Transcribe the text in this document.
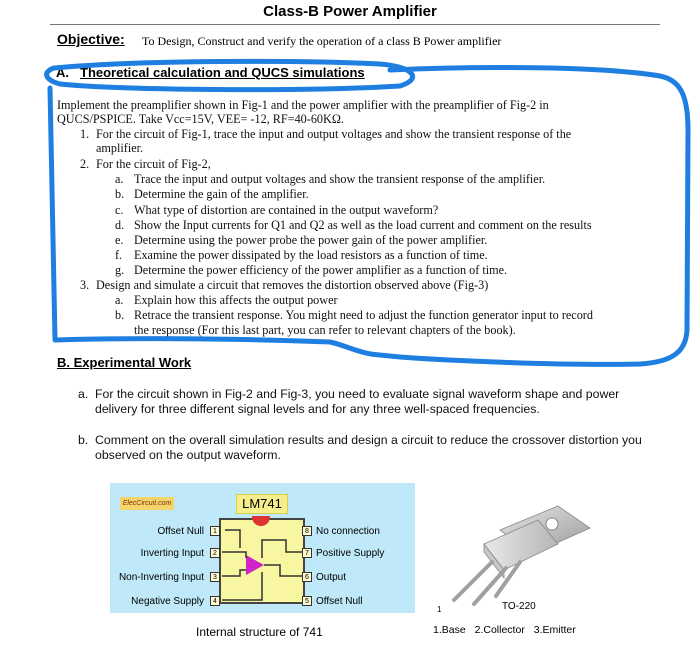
Class-B Power Amplifier
Objective: To Design, Construct and verify the operation of a class B Power amplifier
A. Theoretical calculation and QUCS simulations
Implement the preamplifier shown in Fig-1 and the power amplifier with the preamplifier of Fig-2 in
QUCS/PSPICE. Take Vcc=15V, VEE= -12, RF=40-60KΩ.
1. For the circuit of Fig-1, trace the input and output voltages and show the transient response of the
amplifier.
2. For the circuit of Fig-2,
a. Trace the input and output voltages and show the transient response of the amplifier.
b. Determine the gain of the amplifier.
c. What type of distortion are contained in the output waveform?
d. Show the Input currents for Q1 and Q2 as well as the load current and comment on the results
e. Determine using the power probe the power gain of the power amplifier.
f. Examine the power dissipated by the load resistors as a function of time.
g. Determine the power efficiency of the power amplifier as a function of time.
3. Design and simulate a circuit that removes the distortion observed above (Fig-3)
a. Explain how this affects the output power
b. Retrace the transient response. You might need to adjust the function generator input to record
the response (For this last part, you can refer to relevant chapters of the book).
B. Experimental Work
a. For the circuit shown in Fig-2 and Fig-3, you need to evaluate signal waveform shape and power
delivery for three different signal levels and for any three well-spaced frequencies.
b. Comment on the overall simulation results and design a circuit to reduce the crossover distortion you
observed on the output waveform.
ElecCircuit.com	LM741
Offset Null	1
Inverting Input	2
Non-Inverting Input	3
Negative Supply	4
8 No connection
7 Positive Supply
6 Output
5 Offset Null
Internal structure of 741
1	TO-220
1.Base 2.Collector 3.Emitter
